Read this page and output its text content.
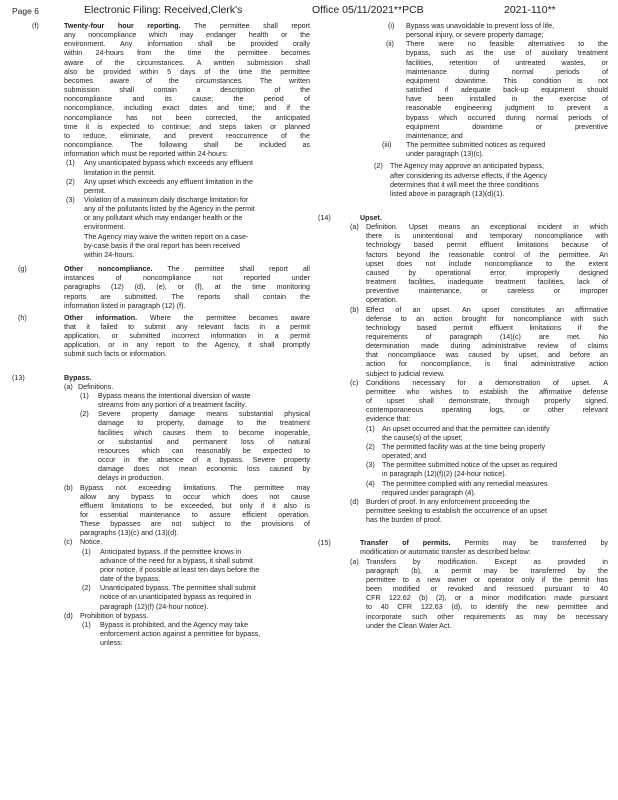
Page 6	Electronic Filing: Received,Clerk's	Office 05/11/2021**PCB	2021-110**
(f)	Twenty-four hour reporting. The permittee shall report
any noncompliance which may endanger health or the
environment. Any information shall be provided orally
within 24-hours from the time the permittee becomes
aware of the circumstances. A written submission shall
also be provided within 5 days of the time the permittee
becomes aware of the circumstances. The written
submission shall contain a description of the
noncompliance and its cause; the period of
noncompliance, including exact dates and time; and if the
noncompliance has not been corrected, the anticipated
time it is expected to continue; and steps taken or planned
to reduce, eliminate, and prevent reoccurrence of the
noncompliance. The following shall be included as
information which must be reported within 24-hours:
(1) Any unanticipated bypass which exceeds any effluent
limitation in the permit.
(2) Any upset which exceeds any effluent limitation in the
permit.
(3) Violation of a maximum daily discharge limitation for
any of the pollutants listed by the Agency in the permit
or any pollutant which may endanger health or the
environment.
The Agency may waive the written report on a case-
by-case basis if the oral report has been received
within 24-hours.
(g)	Other noncompliance. The permittee shall report all
instances of noncompliance not reported under
paragraphs (12) (d), (e), or (f), at the time monitoring
reports are submitted. The reports shall contain the
information listed in paragraph (12) (f).
(h)	Other information. Where the permittee becomes aware
that it failed to submit any relevant facts in a permit
application, or submitted incorrect information in a permit
application, or in any report to the Agency, it shall promptly
submit such facts or information.
(13)	Bypass.
(a) Definitions.
(1) Bypass means the intentional diversion of waste
streams from any portion of a treatment facility.
(2) Severe property damage means substantial physical
damage to property, damage to the treatment
facilities which causes them to become inoperable,
or substantial and permanent loss of natural
resources which can reasonably be expected to
occur in the absence of a bypass. Severe property
damage does not mean economic loss caused by
delays in production.
(b) Bypass not exceeding limitations. The permittee may
allow any bypass to occur which does not cause
effluent limitations to be exceeded, but only if it also is
for essential maintenance to assure efficient operation.
These bypasses are not subject to the provisions of
paragraphs (13)(c) and (13)(d).
(c) Notice.
(1) Anticipated bypass. If the permittee knows in
advance of the need for a bypass, it shall submit
prior notice, if possible at least ten days before the
date of the bypass.
(2) Unanticipated bypass. The permittee shall submit
notice of an unanticipated bypass as required in
paragraph (12)(f) (24-hour notice).
(d) Prohibition of bypass.
(1) Bypass is prohibited, and the Agency may take
enforcement action against a permittee for bypass,
unless:
(i) Bypass was unavoidable to prevent loss of life,
personal injury, or severe property damage;
(ii) There were no feasible alternatives to the
bypass, such as the use of auxiliary treatment
facilities, retention of untreated wastes, or
maintenance during normal periods of
equipment downtime. This condition is not
satisfied if adequate back-up equipment should
have been installed in the exercise of
reasonable engineering judgment to prevent a
bypass which occurred during normal periods of
equipment downtime or preventive
maintenance; and
(iii) The permittee submitted notices as required
under paragraph (13)(c).
(2) The Agency may approve an anticipated bypass,
after considering its adverse effects, if the Agency
determines that it will meet the three conditions
listed above in paragraph (13)(d)(1).
(14)	Upset.
(a) Definition. Upset means an exceptional incident in which
there is unintentional and temporary noncompliance with
technology based permit effluent limitations because of
factors beyond the reasonable control of the permittee. An
upset does not include noncompliance to the extent
caused by operational error, improperly designed
treatment facilities, inadequate treatment facilities, lack of
preventive maintenance, or careless or improper
operation.
(b) Effect of an upset. An upset constitutes an affirmative
defense to an action brought for noncompliance with such
technology based permit effluent limitations if the
requirements of paragraph (14)(c) are met. No
determination made during administrative review of claims
that noncompliance was caused by upset, and before an
action for noncompliance, is final administrative action
subject to judicial review.
(c) Conditions necessary for a demonstration of upset. A
permittee who wishes to establish the affirmative defense
of upset shall demonstrate, through properly signed,
contemporaneous operating logs, or other relevant
evidence that:
(1) An upset occurred and that the permittee can identify
the cause(s) of the upset;
(2) The permitted facility was at the time being properly
operated; and
(3) The permittee submitted notice of the upset as required
in paragraph (12)(f)(2) (24-hour notice).
(4) The permittee complied with any remedial measures
required under paragraph (4).
(d) Burden of proof. In any enforcement proceeding the
permittee seeking to establish the occurrence of an upset
has the burden of proof.
(15)	Transfer of permits. Permits may be transferred by
modification or automatic transfer as described below:
(a) Transfers by modification. Except as provided in
paragraph (b), a permit may be transferred by the
permittee to a new owner or operator only if the permit has
been modified or revoked and reissued pursuant to 40
CFR 122.62 (b) (2), or a minor modification made pursuant
to 40 CFR 122.63 (d), to identify the new permittee and
incorporate such other requirements as may be necessary
under the Clean Water Act.
